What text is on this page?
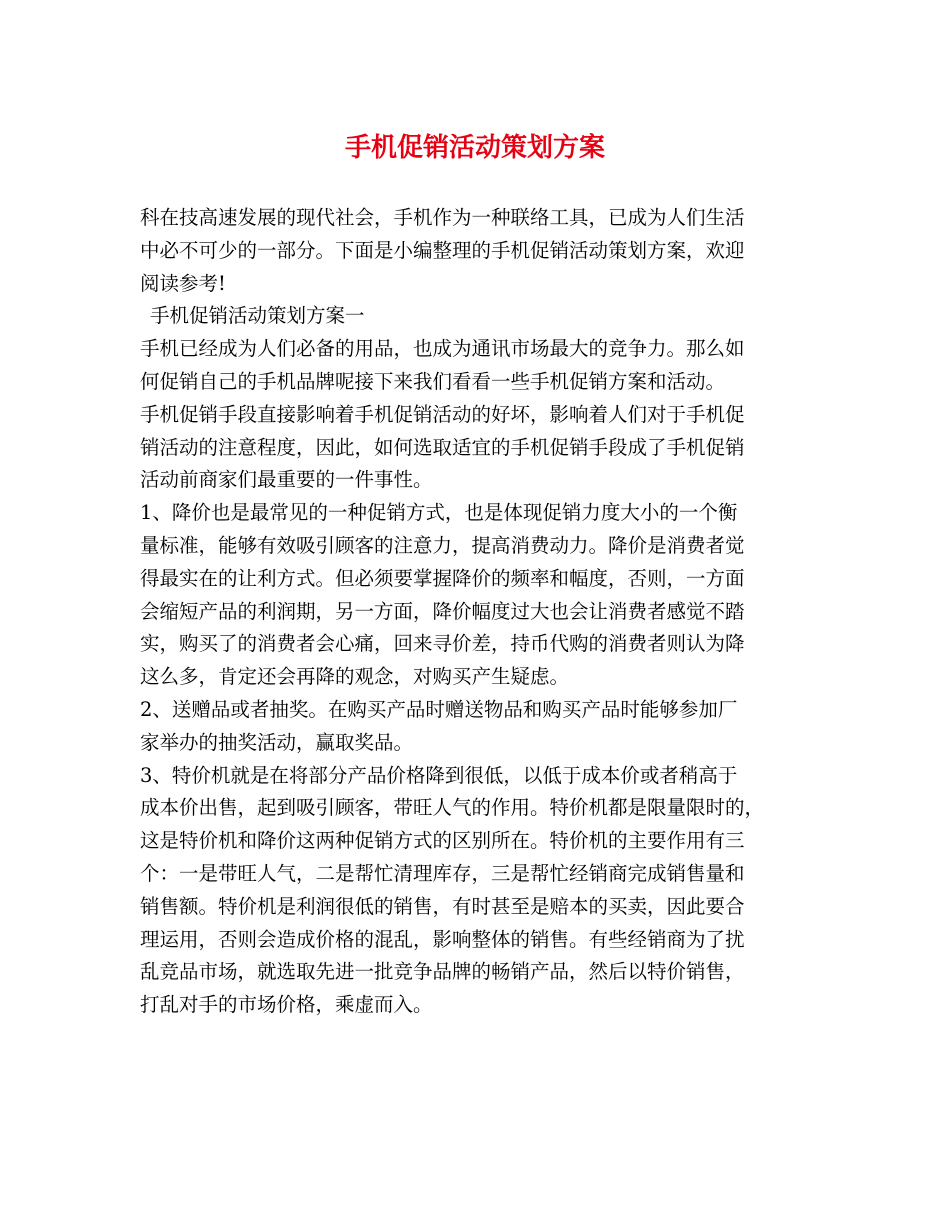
手机促销活动策划方案
科在技高速发展的现代社会，手机作为一种联络工具，已成为人们生活
中必不可少的一部分。下面是小编整理的手机促销活动策划方案，欢迎
阅读参考!
手机促销活动策划方案一
手机已经成为人们必备的用品，也成为通讯市场最大的竞争力。那么如
何促销自己的手机品牌呢接下来我们看看一些手机促销方案和活动。
手机促销手段直接影响着手机促销活动的好坏，影响着人们对于手机促
销活动的注意程度，因此，如何选取适宜的手机促销手段成了手机促销
活动前商家们最重要的一件事性。
1、降价也是最常见的一种促销方式，也是体现促销力度大小的一个衡
量标准，能够有效吸引顾客的注意力，提高消费动力。降价是消费者觉
得最实在的让利方式。但必须要掌握降价的频率和幅度，否则，一方面
会缩短产品的利润期，另一方面，降价幅度过大也会让消费者感觉不踏
实，购买了的消费者会心痛，回来寻价差，持币代购的消费者则认为降
这么多，肯定还会再降的观念，对购买产生疑虑。
2、送赠品或者抽奖。在购买产品时赠送物品和购买产品时能够参加厂
家举办的抽奖活动，赢取奖品。
3、特价机就是在将部分产品价格降到很低，以低于成本价或者稍高于
成本价出售，起到吸引顾客，带旺人气的作用。特价机都是限量限时的，
这是特价机和降价这两种促销方式的区别所在。特价机的主要作用有三
个：一是带旺人气，二是帮忙清理库存，三是帮忙经销商完成销售量和
销售额。特价机是利润很低的销售，有时甚至是赔本的买卖，因此要合
理运用，否则会造成价格的混乱，影响整体的销售。有些经销商为了扰
乱竞品市场，就选取先进一批竞争品牌的畅销产品，然后以特价销售，
打乱对手的市场价格，乘虚而入。
